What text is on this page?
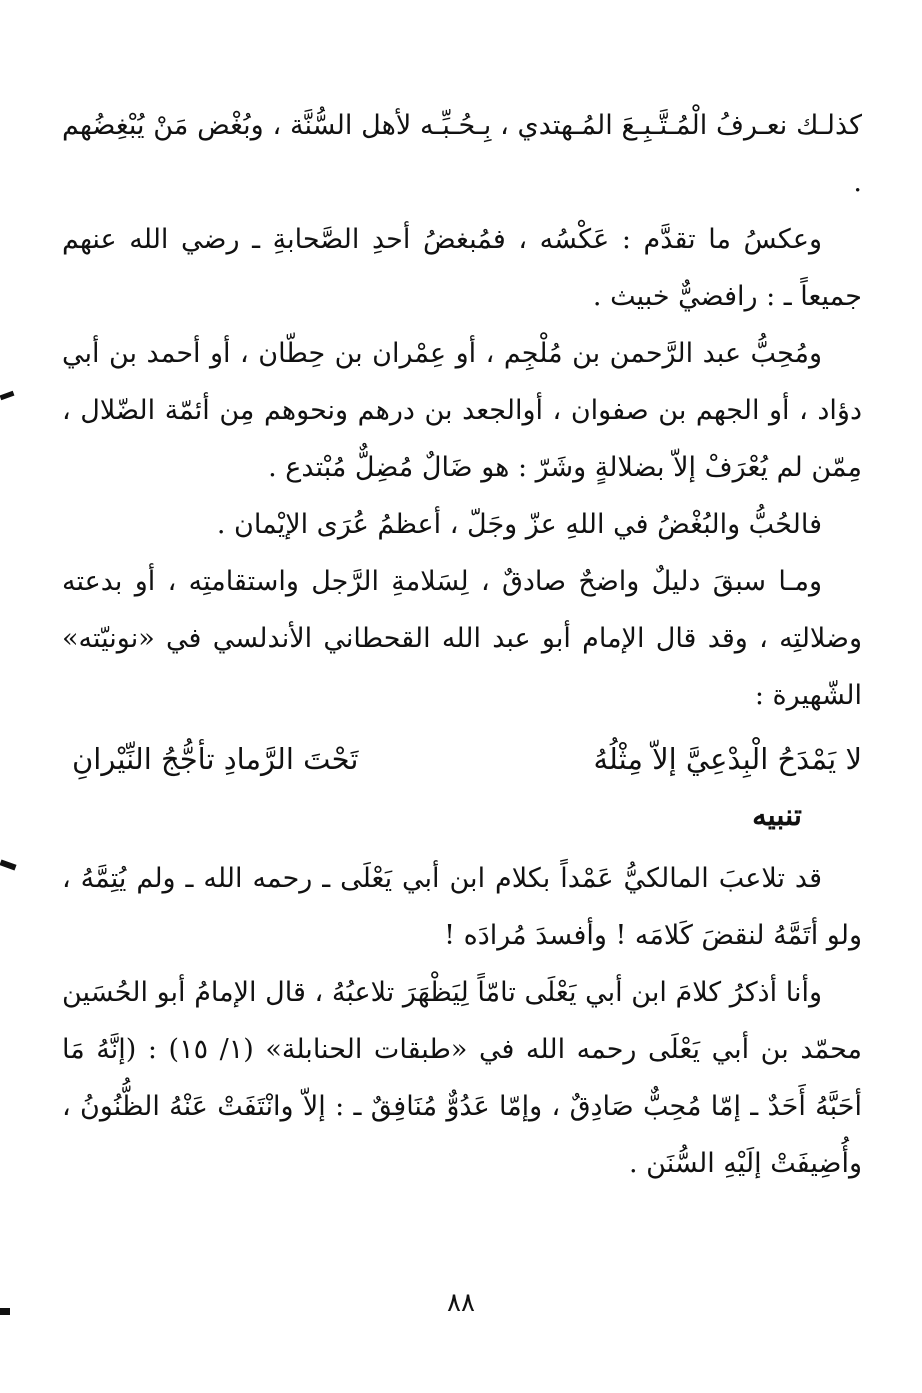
كذلـك نعـرفُ الْمُـتَّـبِـعَ المُـهتدي ، بِـحُـبِّـه لأهل السُّنَّة ، وبُغْض مَنْ يُبْغِضُهم .

وعكسُ ما تقدَّم : عَكْسُه ، فمُبغضُ أحدِ الصَّحابةِ ـ رضي الله عنهم جميعاً ـ : رافضيٌّ خبيث .

ومُحِبُّ عبد الرَّحمن بن مُلْجِم ، أو عِمْران بن حِطّان ، أو أحمد بن أبي دؤاد ، أو الجهم بن صفوان ، أوالجعد بن درهم ونحوهم مِن أئمّة الضّلال ، مِمّن لم يُعْرَفْ إلاّ بضلالةٍ وشَرّ : هو ضَالٌ مُضِلٌّ مُبْتدع .

فالحُبُّ والبُغْضُ في اللهِ عزّ وجَلّ ، أعظمُ عُرَى الإيْمان .

ومـا سبقَ دليلٌ واضحٌ صادقٌ ، لِسَلامةِ الرَّجل واستقامتِه ، أو بدعته وضلالتِه ، وقد قال الإمام أبو عبد الله القحطاني الأندلسي في «نونيّته» الشّهيرة :

لا يَمْدَحُ الْبِدْعِيَّ إلاّ مِثْلُهُ
تَحْتَ الرَّمادِ تأجُّجُ النِّيْرانِ
تنبيه

قد تلاعبَ المالكيُّ عَمْداً بكلام ابن أبي يَعْلَى ـ رحمه الله ـ ولم يُتِمَّهُ ، ولو أتَمَّهُ لنقضَ كَلامَه ! وأفسدَ مُرادَه !

وأنا أذكرُ كلامَ ابن أبي يَعْلَى تامّاً لِيَظْهَرَ تلاعبُهُ ، قال الإمامُ أبو الحُسَين محمّد بن أبي يَعْلَى رحمه الله في «طبقات الحنابلة» (١/ ١٥) : (إنَّهُ مَا أحَبَّهُ أَحَدٌ ـ إمّا مُحِبٌّ صَادِقٌ ، وإمّا عَدُوٌّ مُنَافِقٌ ـ : إلاّ وانْتَفَتْ عَنْهُ الظُّنُونُ ، وأُضِيفَتْ إلَيْهِ السُّنَن .

٨٨
